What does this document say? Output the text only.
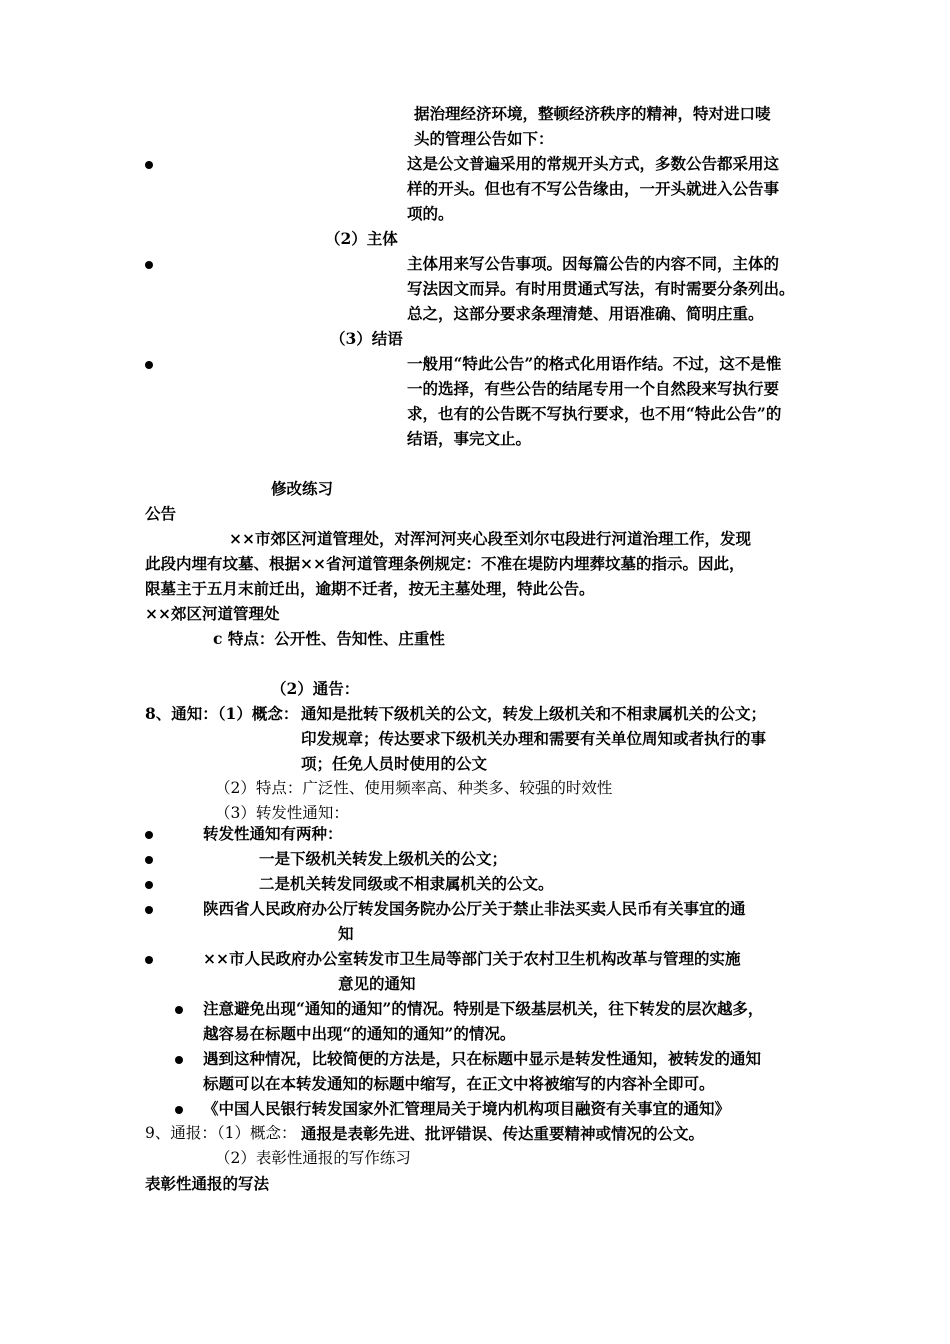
据治理经济环境，整顿经济秩序的精神，特对进口唛
头的管理公告如下：
这是公文普遍采用的常规开头方式，多数公告都采用这
样的开头。但也有不写公告缘由，一开头就进入公告事
项的。
（2）主体
主体用来写公告事项。因每篇公告的内容不同，主体的
写法因文而异。有时用贯通式写法，有时需要分条列出。
总之，这部分要求条理清楚、用语准确、简明庄重。
（3）结语
一般用“特此公告”的格式化用语作结。不过，这不是惟
一的选择，有些公告的结尾专用一个自然段来写执行要
求，也有的公告既不写执行要求，也不用“特此公告”的
结语，事完文止。
修改练习
公告
××市郊区河道管理处，对浑河河夹心段至刘尔屯段进行河道治理工作，发现
此段内埋有坟墓、根据××省河道管理条例规定：不准在堤防内埋葬坟墓的指示。因此，
限墓主于五月末前迁出，逾期不迁者，按无主墓处理，特此公告。
××郊区河道管理处
c 特点：公开性、告知性、庄重性
（2）通告：
8、通知：（1）概念： 通知是批转下级机关的公文，转发上级机关和不相隶属机关的公文；
印发规章；传达要求下级机关办理和需要有关单位周知或者执行的事
项；任免人员时使用的公文
（2）特点：广泛性、使用频率高、种类多、较强的时效性
（3）转发性通知：
转发性通知有两种：
一是下级机关转发上级机关的公文；
二是机关转发同级或不相隶属机关的公文。
陕西省人民政府办公厅转发国务院办公厅关于禁止非法买卖人民币有关事宜的通
知
××市人民政府办公室转发市卫生局等部门关于农村卫生机构改革与管理的实施
意见的通知
注意避免出现“通知的通知”的情况。特别是下级基层机关，往下转发的层次越多，
越容易在标题中出现“的通知的通知”的情况。
遇到这种情况，比较简便的方法是，只在标题中显示是转发性通知，被转发的通知
标题可以在本转发通知的标题中缩写，在正文中将被缩写的内容补全即可。
《中国人民银行转发国家外汇管理局关于境内机构项目融资有关事宜的通知》
9、通报：（1）概念： 通报是表彰先进、批评错误、传达重要精神或情况的公文。
（2）表彰性通报的写作练习
表彰性通报的写法
